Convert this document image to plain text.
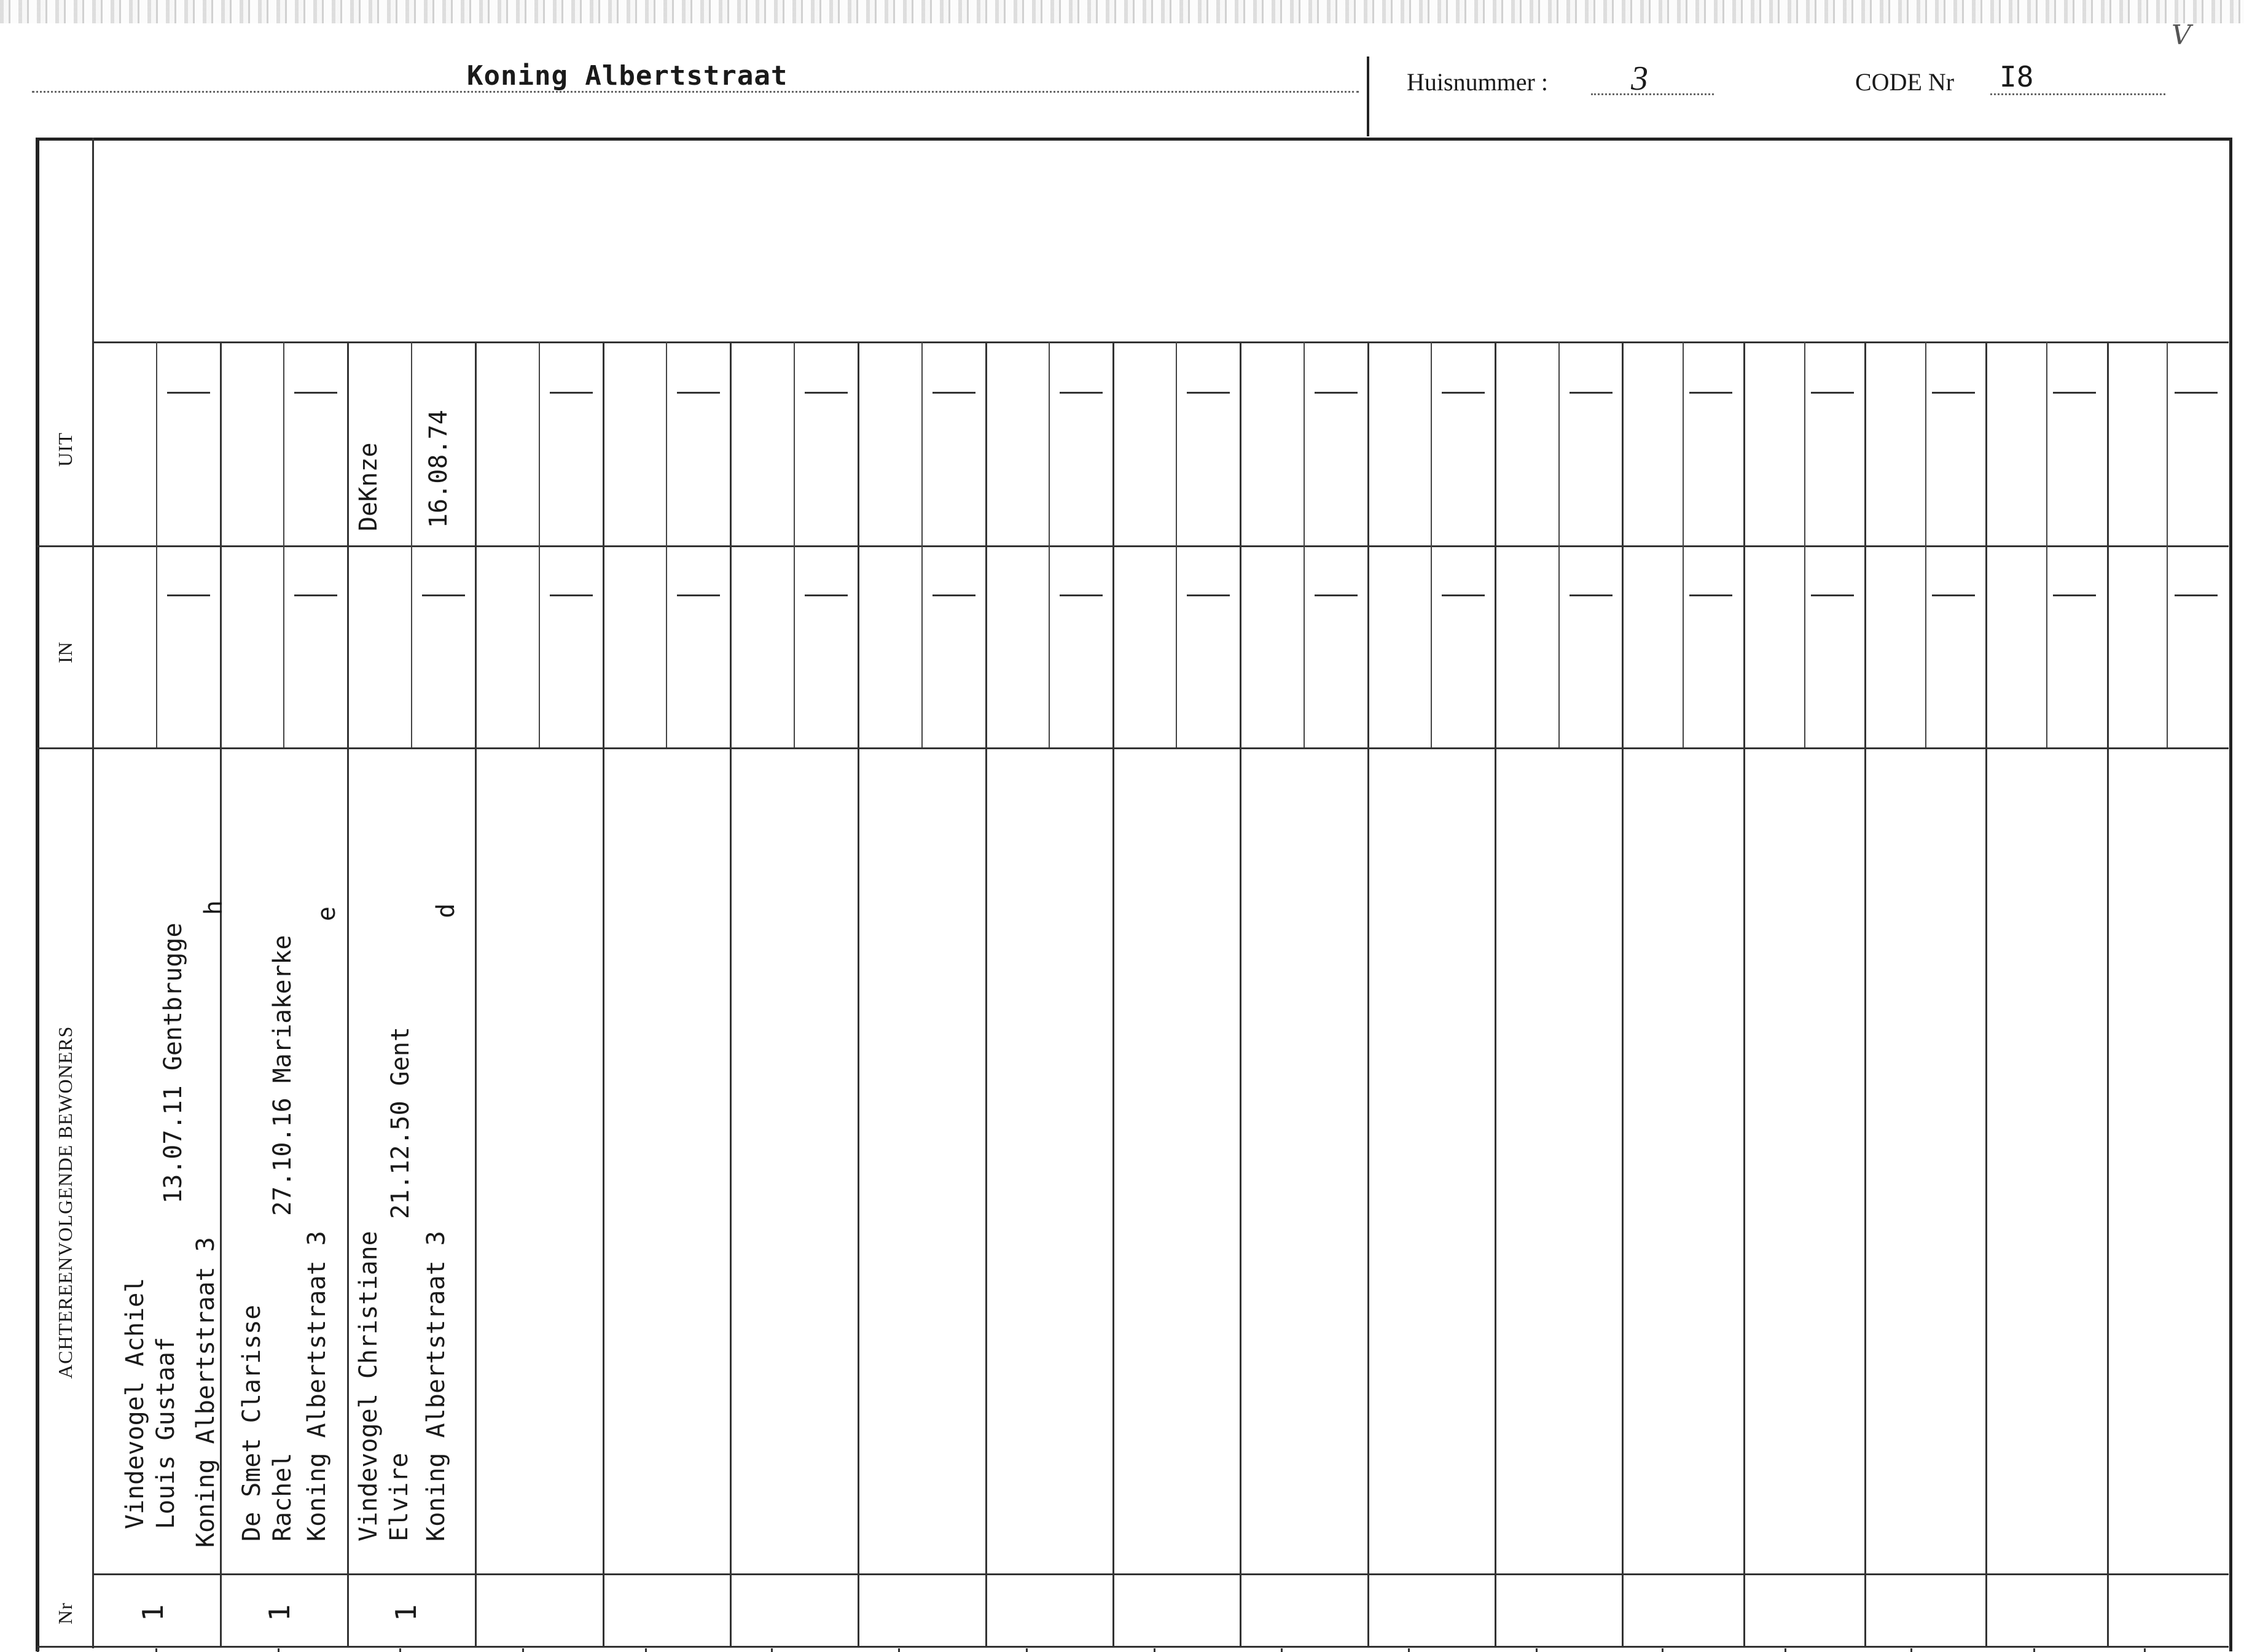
V
Koning Albertstraat	Huisnummer : 3	CODE Nr I8
UIT
IN
ACHTEREENVOLGENDE BEWONERS
Nr
Vindevogel Achiel Louis Gustaaf
13.07.11 Gentbrugge
Koning Albertstraat 3
h
1
De Smet Clarisse Rachel
27.10.16 Mariakerke
Koning Albertstraat 3
e
1
Vindevogel Christiane Elvire
21.12.50 Gent
Koning Albertstraat 3
d
1
DeKnze 16.08.74
